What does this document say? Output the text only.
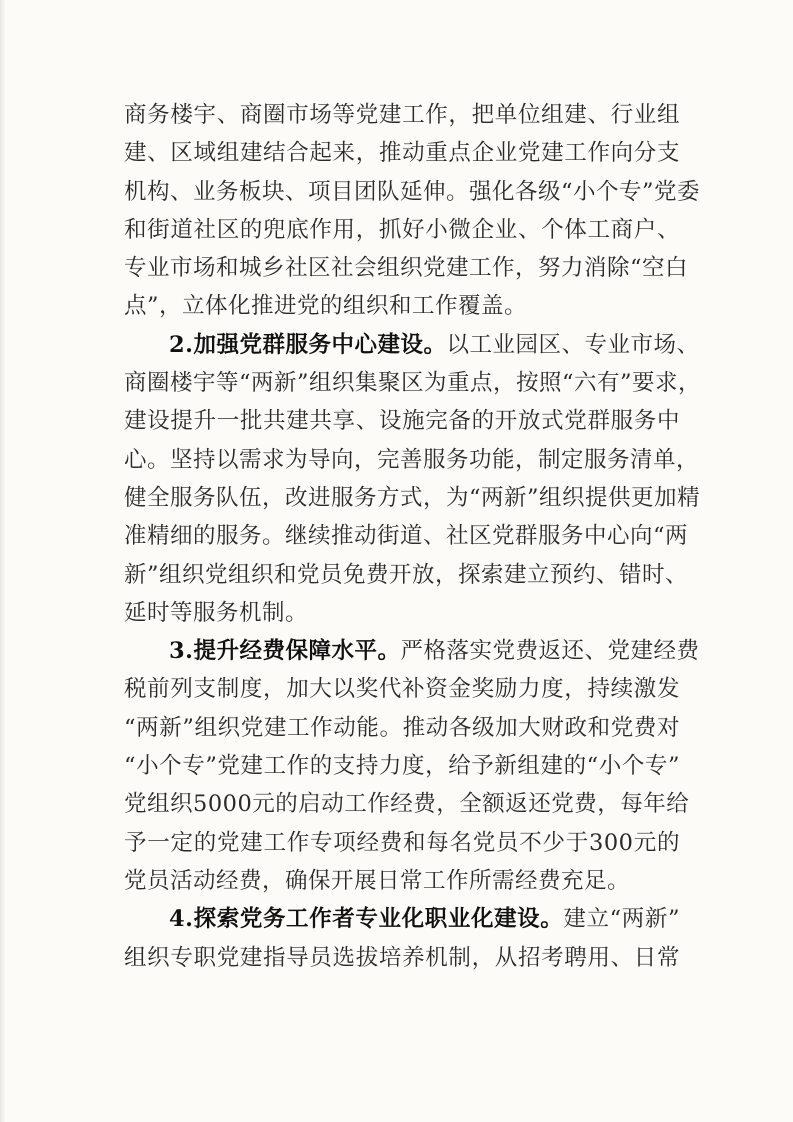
商务楼宇、商圈市场等党建工作，把单位组建、行业组
建、区域组建结合起来，推动重点企业党建工作向分支
机构、业务板块、项目团队延伸。强化各级“小个专”党委
和街道社区的兜底作用，抓好小微企业、个体工商户、
专业市场和城乡社区社会组织党建工作，努力消除“空白
点”，立体化推进党的组织和工作覆盖。
2.加强党群服务中心建设。以工业园区、专业市场、
商圈楼宇等“两新”组织集聚区为重点，按照“六有”要求，
建设提升一批共建共享、设施完备的开放式党群服务中
心。坚持以需求为导向，完善服务功能，制定服务清单，
健全服务队伍，改进服务方式，为“两新”组织提供更加精
准精细的服务。继续推动街道、社区党群服务中心向“两
新”组织党组织和党员免费开放，探索建立预约、错时、
延时等服务机制。
3.提升经费保障水平。严格落实党费返还、党建经费
税前列支制度，加大以奖代补资金奖励力度，持续激发
“两新”组织党建工作动能。推动各级加大财政和党费对
“小个专”党建工作的支持力度，给予新组建的“小个专”
党组织5000元的启动工作经费，全额返还党费，每年给
予一定的党建工作专项经费和每名党员不少于300元的
党员活动经费，确保开展日常工作所需经费充足。
4.探索党务工作者专业化职业化建设。建立“两新”
组织专职党建指导员选拔培养机制，从招考聘用、日常
